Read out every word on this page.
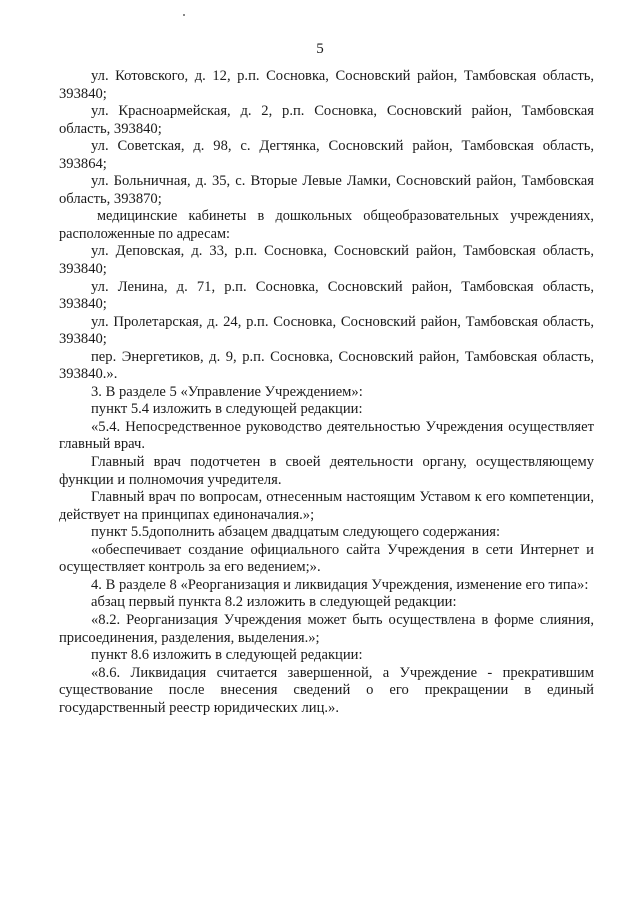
5

ул. Котовского, д. 12, р.п. Сосновка, Сосновский район, Тамбовская область, 393840;

ул. Красноармейская, д. 2, р.п. Сосновка, Сосновский район, Тамбовская область, 393840;

ул. Советская, д. 98, с. Дегтянка, Сосновский район, Тамбовская область, 393864;

ул. Больничная, д. 35, с. Вторые Левые Ламки, Сосновский район, Тамбовская область, 393870;

медицинские кабинеты в дошкольных общеобразовательных учреждениях, расположенные по адресам:

ул. Деповская, д. 33, р.п. Сосновка, Сосновский район, Тамбовская область, 393840;

ул. Ленина, д. 71, р.п. Сосновка, Сосновский район, Тамбовская область, 393840;

ул. Пролетарская, д. 24, р.п. Сосновка, Сосновский район, Тамбовская область, 393840;

пер. Энергетиков, д. 9, р.п. Сосновка, Сосновский район, Тамбовская область, 393840.».

3. В разделе 5 «Управление Учреждением»:

пункт 5.4 изложить в следующей редакции:

«5.4. Непосредственное руководство деятельностью Учреждения осуществляет главный врач.

Главный врач подотчетен в своей деятельности органу, осуществляющему функции и полномочия учредителя.

Главный врач по вопросам, отнесенным настоящим Уставом к его компетенции, действует на принципах единоначалия.»;

пункт 5.5дополнить абзацем двадцатым следующего содержания:

«обеспечивает создание официального сайта Учреждения в сети Интернет и осуществляет контроль за его ведением;».

4. В разделе 8 «Реорганизация и ликвидация Учреждения, изменение его типа»:

абзац первый пункта 8.2 изложить в следующей редакции:

«8.2. Реорганизация Учреждения может быть осуществлена в форме слияния, присоединения, разделения, выделения.»;

пункт 8.6 изложить в следующей редакции:

«8.6. Ликвидация считается завершенной, а Учреждение - прекратившим существование после внесения сведений о его прекращении в единый государственный реестр юридических лиц.».
